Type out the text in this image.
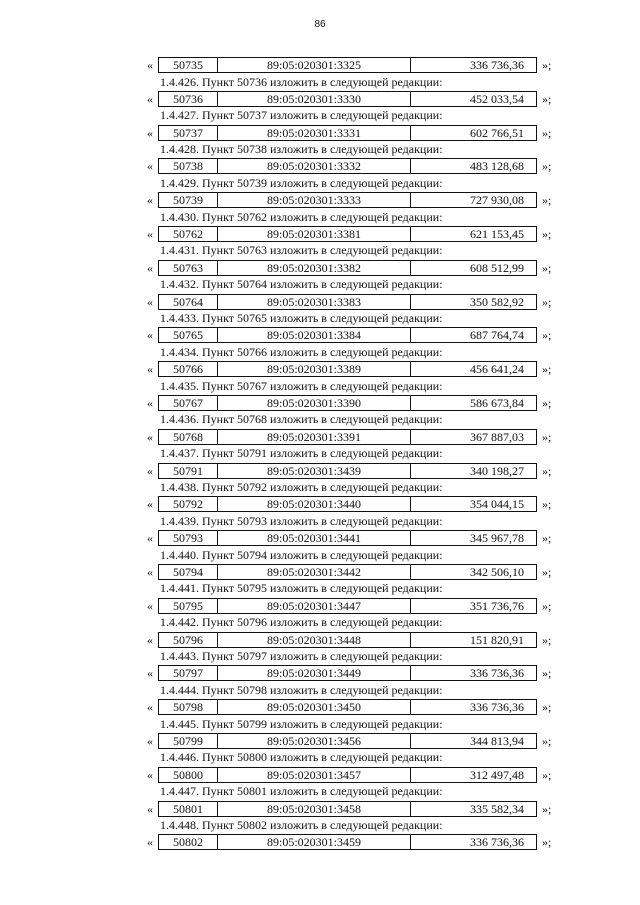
86
«	50735	89:05:020301:3325	336 736,36	»;
1.4.426. Пункт 50736 изложить в следующей редакции:
«	50736	89:05:020301:3330	452 033,54	»;
1.4.427. Пункт 50737 изложить в следующей редакции:
«	50737	89:05:020301:3331	602 766,51	»;
1.4.428. Пункт 50738 изложить в следующей редакции:
«	50738	89:05:020301:3332	483 128,68	»;
1.4.429. Пункт 50739 изложить в следующей редакции:
«	50739	89:05:020301:3333	727 930,08	»;
1.4.430. Пункт 50762 изложить в следующей редакции:
«	50762	89:05:020301:3381	621 153,45	»;
1.4.431. Пункт 50763 изложить в следующей редакции:
«	50763	89:05:020301:3382	608 512,99	»;
1.4.432. Пункт 50764 изложить в следующей редакции:
«	50764	89:05:020301:3383	350 582,92	»;
1.4.433. Пункт 50765 изложить в следующей редакции:
«	50765	89:05:020301:3384	687 764,74	»;
1.4.434. Пункт 50766 изложить в следующей редакции:
«	50766	89:05:020301:3389	456 641,24	»;
1.4.435. Пункт 50767 изложить в следующей редакции:
«	50767	89:05:020301:3390	586 673,84	»;
1.4.436. Пункт 50768 изложить в следующей редакции:
«	50768	89:05:020301:3391	367 887,03	»;
1.4.437. Пункт 50791 изложить в следующей редакции:
«	50791	89:05:020301:3439	340 198,27	»;
1.4.438. Пункт 50792 изложить в следующей редакции:
«	50792	89:05:020301:3440	354 044,15	»;
1.4.439. Пункт 50793 изложить в следующей редакции:
«	50793	89:05:020301:3441	345 967,78	»;
1.4.440. Пункт 50794 изложить в следующей редакции:
«	50794	89:05:020301:3442	342 506,10	»;
1.4.441. Пункт 50795 изложить в следующей редакции:
«	50795	89:05:020301:3447	351 736,76	»;
1.4.442. Пункт 50796 изложить в следующей редакции:
«	50796	89:05:020301:3448	151 820,91	»;
1.4.443. Пункт 50797 изложить в следующей редакции:
«	50797	89:05:020301:3449	336 736,36	»;
1.4.444. Пункт 50798 изложить в следующей редакции:
«	50798	89:05:020301:3450	336 736,36	»;
1.4.445. Пункт 50799 изложить в следующей редакции:
«	50799	89:05:020301:3456	344 813,94	»;
1.4.446. Пункт 50800 изложить в следующей редакции:
«	50800	89:05:020301:3457	312 497,48	»;
1.4.447. Пункт 50801 изложить в следующей редакции:
«	50801	89:05:020301:3458	335 582,34	»;
1.4.448. Пункт 50802 изложить в следующей редакции:
«	50802	89:05:020301:3459	336 736,36	»;
